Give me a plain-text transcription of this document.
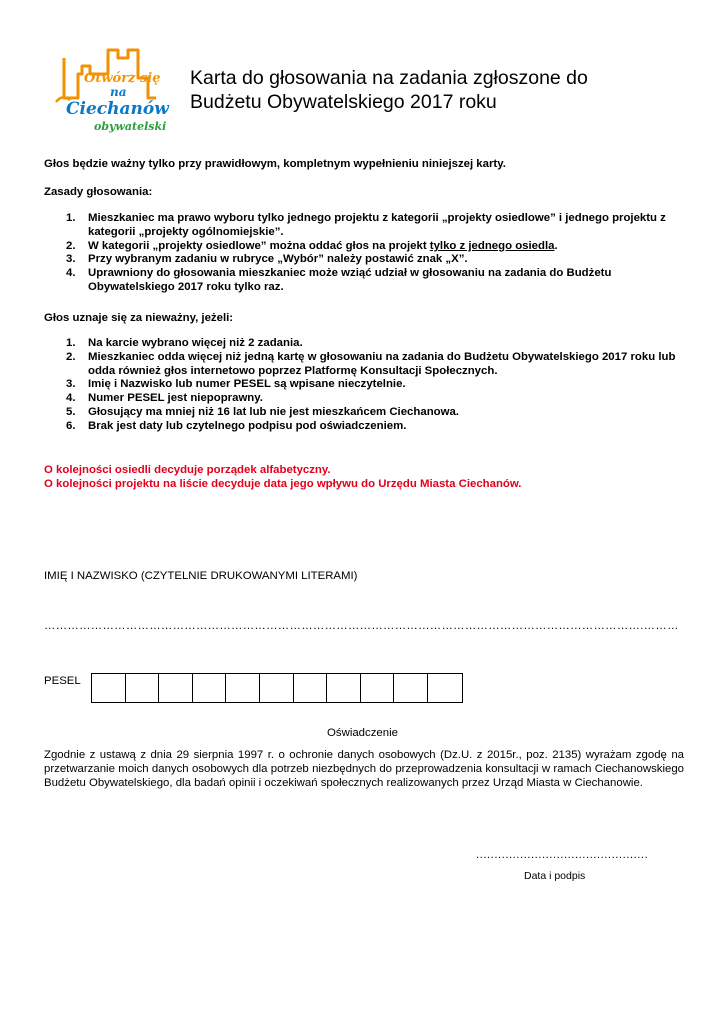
Otwórz się
na
Ciechanów
obywatelski
Karta do głosowania na zadania zgłoszone do
Budżetu Obywatelskiego 2017 roku

Głos będzie ważny tylko przy prawidłowym, kompletnym wypełnieniu niniejszej karty.

Zasady głosowania:

1. Mieszkaniec ma prawo wyboru tylko jednego projektu z kategorii „projekty osiedlowe” i jednego projektu z kategorii „projekty ogólnomiejskie”.
2. W kategorii „projekty osiedlowe” można oddać głos na projekt tylko z jednego osiedla.
3. Przy wybranym zadaniu w rubryce „Wybór” należy postawić znak „X”.
4. Uprawniony do głosowania mieszkaniec może wziąć udział w głosowaniu na zadania do Budżetu Obywatelskiego 2017 roku tylko raz.

Głos uznaje się za nieważny, jeżeli:

1. Na karcie wybrano więcej niż 2 zadania.
2. Mieszkaniec odda więcej niż jedną kartę w głosowaniu na zadania do Budżetu Obywatelskiego 2017 roku lub odda również głos internetowo poprzez Platformę Konsultacji Społecznych.
3. Imię i Nazwisko lub numer PESEL są wpisane nieczytelnie.
4. Numer PESEL jest niepoprawny.
5. Głosujący ma mniej niż 16 lat lub nie jest mieszkańcem Ciechanowa.
6. Brak jest daty lub czytelnego podpisu pod oświadczeniem.

O kolejności osiedli decyduje porządek alfabetyczny.

O kolejności projektu na liście decyduje data jego wpływu do Urzędu Miasta Ciechanów.

IMIĘ I NAZWISKO (CZYTELNIE DRUKOWANYMI LITERAMI)

……………………………………………………………………………………………………………………………………….………
PESEL
Oświadczenie
Zgodnie z ustawą z dnia 29 sierpnia 1997 r. o ochronie danych osobowych (Dz.U. z 2015r., poz. 2135) wyrażam zgodę na przetwarzanie moich danych osobowych dla potrzeb niezbędnych do przeprowadzenia konsultacji w ramach Ciechanowskiego Budżetu Obywatelskiego, dla badań opinii i oczekiwań społecznych realizowanych przez Urząd Miasta w Ciechanowie.
...............................................
Data i podpis
